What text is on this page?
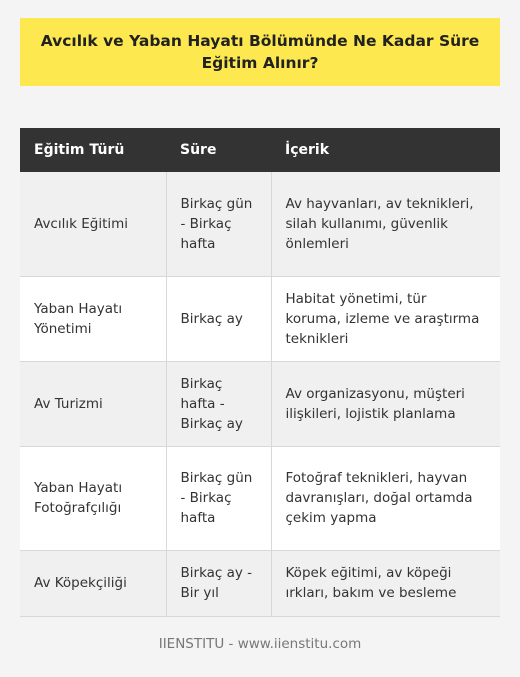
Avcılık ve Yaban Hayatı Bölümünde Ne Kadar Süre Eğitim Alınır?
Eğitim Türü	Süre	İçerik
Avcılık Eğitimi	Birkaç gün - Birkaç hafta	Av hayvanları, av teknikleri, silah kullanımı, güvenlik önlemleri
Yaban Hayatı Yönetimi	Birkaç ay	Habitat yönetimi, tür koruma, izleme ve araştırma teknikleri
Av Turizmi	Birkaç hafta - Birkaç ay	Av organizasyonu, müşteri ilişkileri, lojistik planlama
Yaban Hayatı Fotoğrafçılığı	Birkaç gün - Birkaç hafta	Fotoğraf teknikleri, hayvan davranışları, doğal ortamda çekim yapma
Av Köpekçiliği	Birkaç ay - Bir yıl	Köpek eğitimi, av köpeği ırkları, bakım ve besleme
IIENSTITU - www.iienstitu.com
